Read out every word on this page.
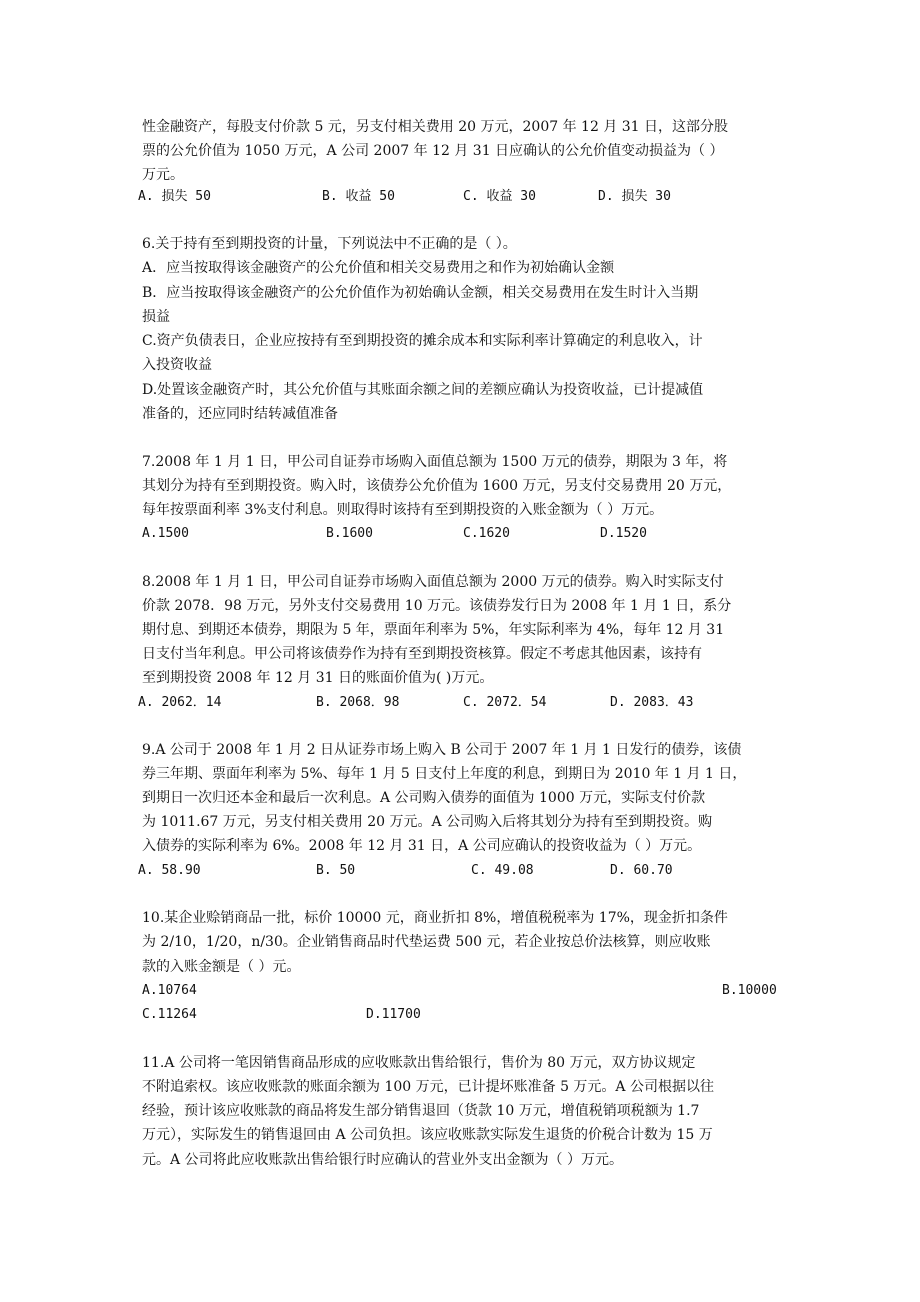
性金融资产，每股支付价款 5 元，另支付相关费用 20 万元，2007 年 12 月 31 日，这部分股
票的公允价值为 1050 万元，A 公司 2007 年 12 月 31 日应确认的公允价值变动损益为（ ）
万元。
A. 损失 50	B. 收益 50	C. 收益 30	D. 损失 30
6.关于持有至到期投资的计量，下列说法中不正确的是（ ）。
A．应当按取得该金融资产的公允价值和相关交易费用之和作为初始确认金额
B．应当按取得该金融资产的公允价值作为初始确认金额，相关交易费用在发生时计入当期
损益
C.资产负债表日，企业应按持有至到期投资的摊余成本和实际利率计算确定的利息收入，计
入投资收益
D.处置该金融资产时，其公允价值与其账面余额之间的差额应确认为投资收益，已计提减值
准备的，还应同时结转减值准备
7.2008 年 1 月 1 日，甲公司自证券市场购入面值总额为 1500 万元的债券，期限为 3 年，将
其划分为持有至到期投资。购入时，该债券公允价值为 1600 万元，另支付交易费用 20 万元，
每年按票面利率 3%支付利息。则取得时该持有至到期投资的入账金额为（ ）万元。
A.1500	B.1600	C.1620	D.1520
8.2008 年 1 月 1 日，甲公司自证券市场购入面值总额为 2000 万元的债券。购入时实际支付
价款 2078．98 万元，另外支付交易费用 10 万元。该债券发行日为 2008 年 1 月 1 日，系分
期付息、到期还本债券，期限为 5 年，票面年利率为 5%，年实际利率为 4%，每年 12 月 31
日支付当年利息。甲公司将该债券作为持有至到期投资核算。假定不考虑其他因素，该持有
至到期投资 2008 年 12 月 31 日的账面价值为( )万元。
A. 2062．14	B. 2068．98	C. 2072．54	D. 2083．43
9.A 公司于 2008 年 1 月 2 日从证券市场上购入 B 公司于 2007 年 1 月 1 日发行的债券，该债
券三年期、票面年利率为 5%、每年 1 月 5 日支付上年度的利息，到期日为 2010 年 1 月 1 日，
到期日一次归还本金和最后一次利息。A 公司购入债券的面值为 1000 万元，实际支付价款
为 1011.67 万元，另支付相关费用 20 万元。A 公司购入后将其划分为持有至到期投资。购
入债券的实际利率为 6%。2008 年 12 月 31 日，A 公司应确认的投资收益为（ ）万元。
A. 58.90	B. 50	C. 49.08	D. 60.70
10.某企业赊销商品一批，标价 10000 元，商业折扣 8%，增值税税率为 17%，现金折扣条件
为 2/10，1/20，n/30。企业销售商品时代垫运费 500 元，若企业按总价法核算，则应收账
款的入账金额是（ ）元。
A.10764	B.10000
C.11264	D.11700
11.A 公司将一笔因销售商品形成的应收账款出售给银行，售价为 80 万元，双方协议规定
不附追索权。该应收账款的账面余额为 100 万元，已计提坏账准备 5 万元。A 公司根据以往
经验，预计该应收账款的商品将发生部分销售退回（货款 10 万元，增值税销项税额为 1.7
万元），实际发生的销售退回由 A 公司负担。该应收账款实际发生退货的价税合计数为 15 万
元。A 公司将此应收账款出售给银行时应确认的营业外支出金额为（ ）万元。
